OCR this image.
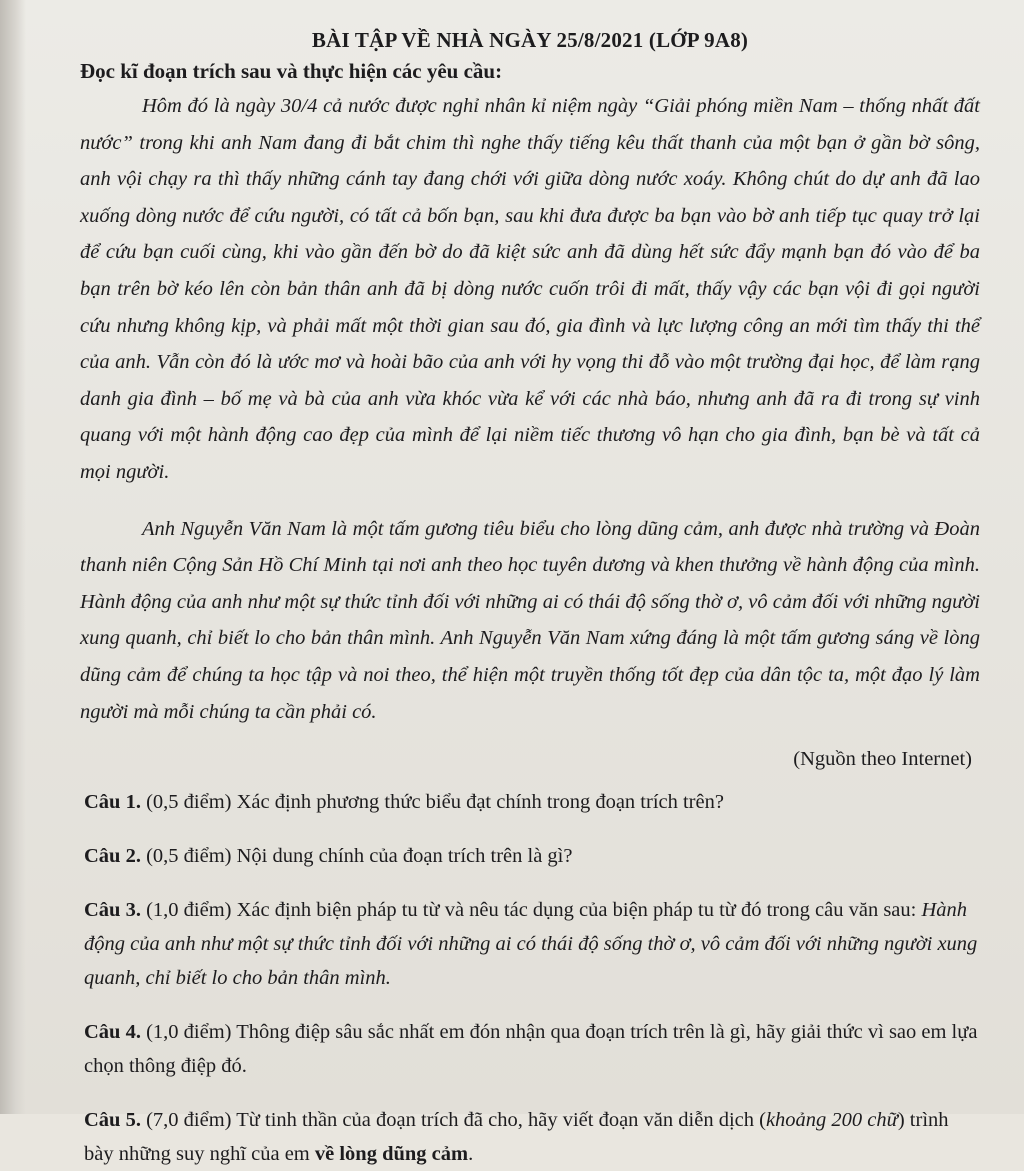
BÀI TẬP VỀ NHÀ NGÀY 25/8/2021 (LỚP 9A8)
Đọc kĩ đoạn trích sau và thực hiện các yêu cầu:

Hôm đó là ngày 30/4 cả nước được nghỉ nhân kỉ niệm ngày “Giải phóng miền Nam – thống nhất đất nước” trong khi anh Nam đang đi bắt chim thì nghe thấy tiếng kêu thất thanh của một bạn ở gần bờ sông, anh vội chạy ra thì thấy những cánh tay đang chới với giữa dòng nước xoáy. Không chút do dự anh đã lao xuống dòng nước để cứu người, có tất cả bốn bạn, sau khi đưa được ba bạn vào bờ anh tiếp tục quay trở lại để cứu bạn cuối cùng, khi vào gần đến bờ do đã kiệt sức anh đã dùng hết sức đẩy mạnh bạn đó vào để ba bạn trên bờ kéo lên còn bản thân anh đã bị dòng nước cuốn trôi đi mất, thấy vậy các bạn vội đi gọi người cứu nhưng không kịp, và phải mất một thời gian sau đó, gia đình và lực lượng công an mới tìm thấy thi thể của anh. Vẫn còn đó là ước mơ và hoài bão của anh với hy vọng thi đỗ vào một trường đại học, để làm rạng danh gia đình – bố mẹ và bà của anh vừa khóc vừa kể với các nhà báo, nhưng anh đã ra đi trong sự vinh quang với một hành động cao đẹp của mình để lại niềm tiếc thương vô hạn cho gia đình, bạn bè và tất cả mọi người.

Anh Nguyễn Văn Nam là một tấm gương tiêu biểu cho lòng dũng cảm, anh được nhà trường và Đoàn thanh niên Cộng Sản Hồ Chí Minh tại nơi anh theo học tuyên dương và khen thưởng về hành động của mình. Hành động của anh như một sự thức tỉnh đối với những ai có thái độ sống thờ ơ, vô cảm đối với những người xung quanh, chỉ biết lo cho bản thân mình. Anh Nguyễn Văn Nam xứng đáng là một tấm gương sáng về lòng dũng cảm để chúng ta học tập và noi theo, thể hiện một truyền thống tốt đẹp của dân tộc ta, một đạo lý làm người mà mỗi chúng ta cần phải có.

(Nguồn theo Internet)
Câu 1. (0,5 điểm) Xác định phương thức biểu đạt chính trong đoạn trích trên?
Câu 2. (0,5 điểm) Nội dung chính của đoạn trích trên là gì?
Câu 3. (1,0 điểm) Xác định biện pháp tu từ và nêu tác dụng của biện pháp tu từ đó trong câu văn sau: Hành động của anh như một sự thức tỉnh đối với những ai có thái độ sống thờ ơ, vô cảm đối với những người xung quanh, chỉ biết lo cho bản thân mình.
Câu 4. (1,0 điểm) Thông điệp sâu sắc nhất em đón nhận qua đoạn trích trên là gì, hãy giải thức vì sao em lựa chọn thông điệp đó.
Câu 5. (7,0 điểm) Từ tinh thần của đoạn trích đã cho, hãy viết đoạn văn diễn dịch (khoảng 200 chữ) trình bày những suy nghĩ của em về lòng dũng cảm.
